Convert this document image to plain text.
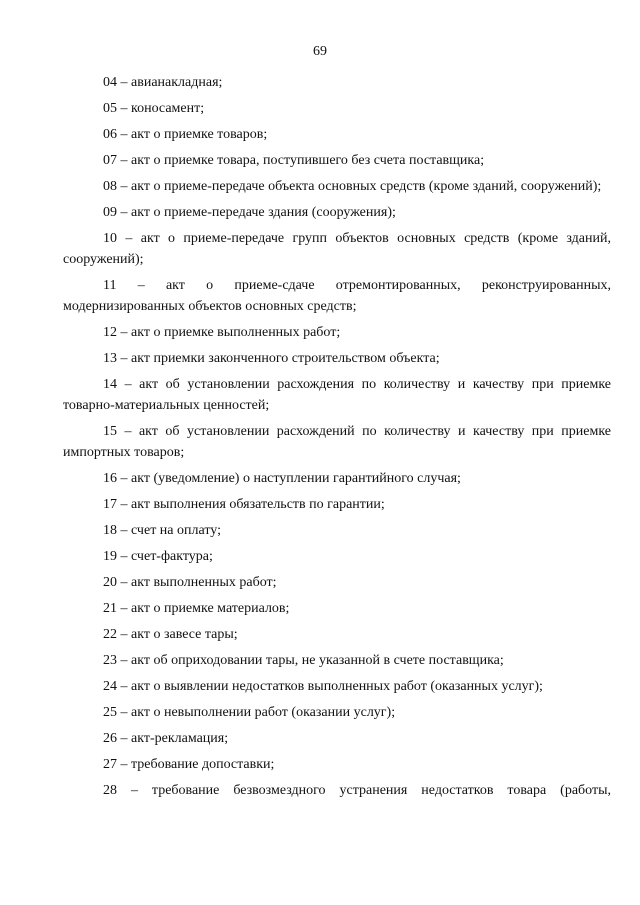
69

04 – авианакладная;

05 – коносамент;

06 – акт о приемке товаров;

07 – акт о приемке товара, поступившего без счета поставщика;

08 – акт о приеме-передаче объекта основных средств (кроме зданий, сооружений);

09 – акт о приеме-передаче здания (сооружения);

10 – акт о приеме-передаче групп объектов основных средств (кроме зданий, сооружений);

11 – акт о приеме-сдаче отремонтированных, реконструированных, модернизированных объектов основных средств;

12 – акт о приемке выполненных работ;

13 – акт приемки законченного строительством объекта;

14 – акт об установлении расхождения по количеству и качеству при приемке товарно-материальных ценностей;

15 – акт об установлении расхождений по количеству и качеству при приемке импортных товаров;

16 – акт (уведомление) о наступлении гарантийного случая;

17 – акт выполнения обязательств по гарантии;

18 – счет на оплату;

19 – счет-фактура;

20 – акт выполненных работ;

21 – акт о приемке материалов;

22 – акт о завесе тары;

23 – акт об оприходовании тары, не указанной в счете поставщика;

24 – акт о выявлении недостатков выполненных работ (оказанных услуг);

25 – акт о невыполнении работ (оказании услуг);

26 – акт-рекламация;

27 – требование допоставки;

28 – требование безвозмездного устранения недостатков товара (работы,
